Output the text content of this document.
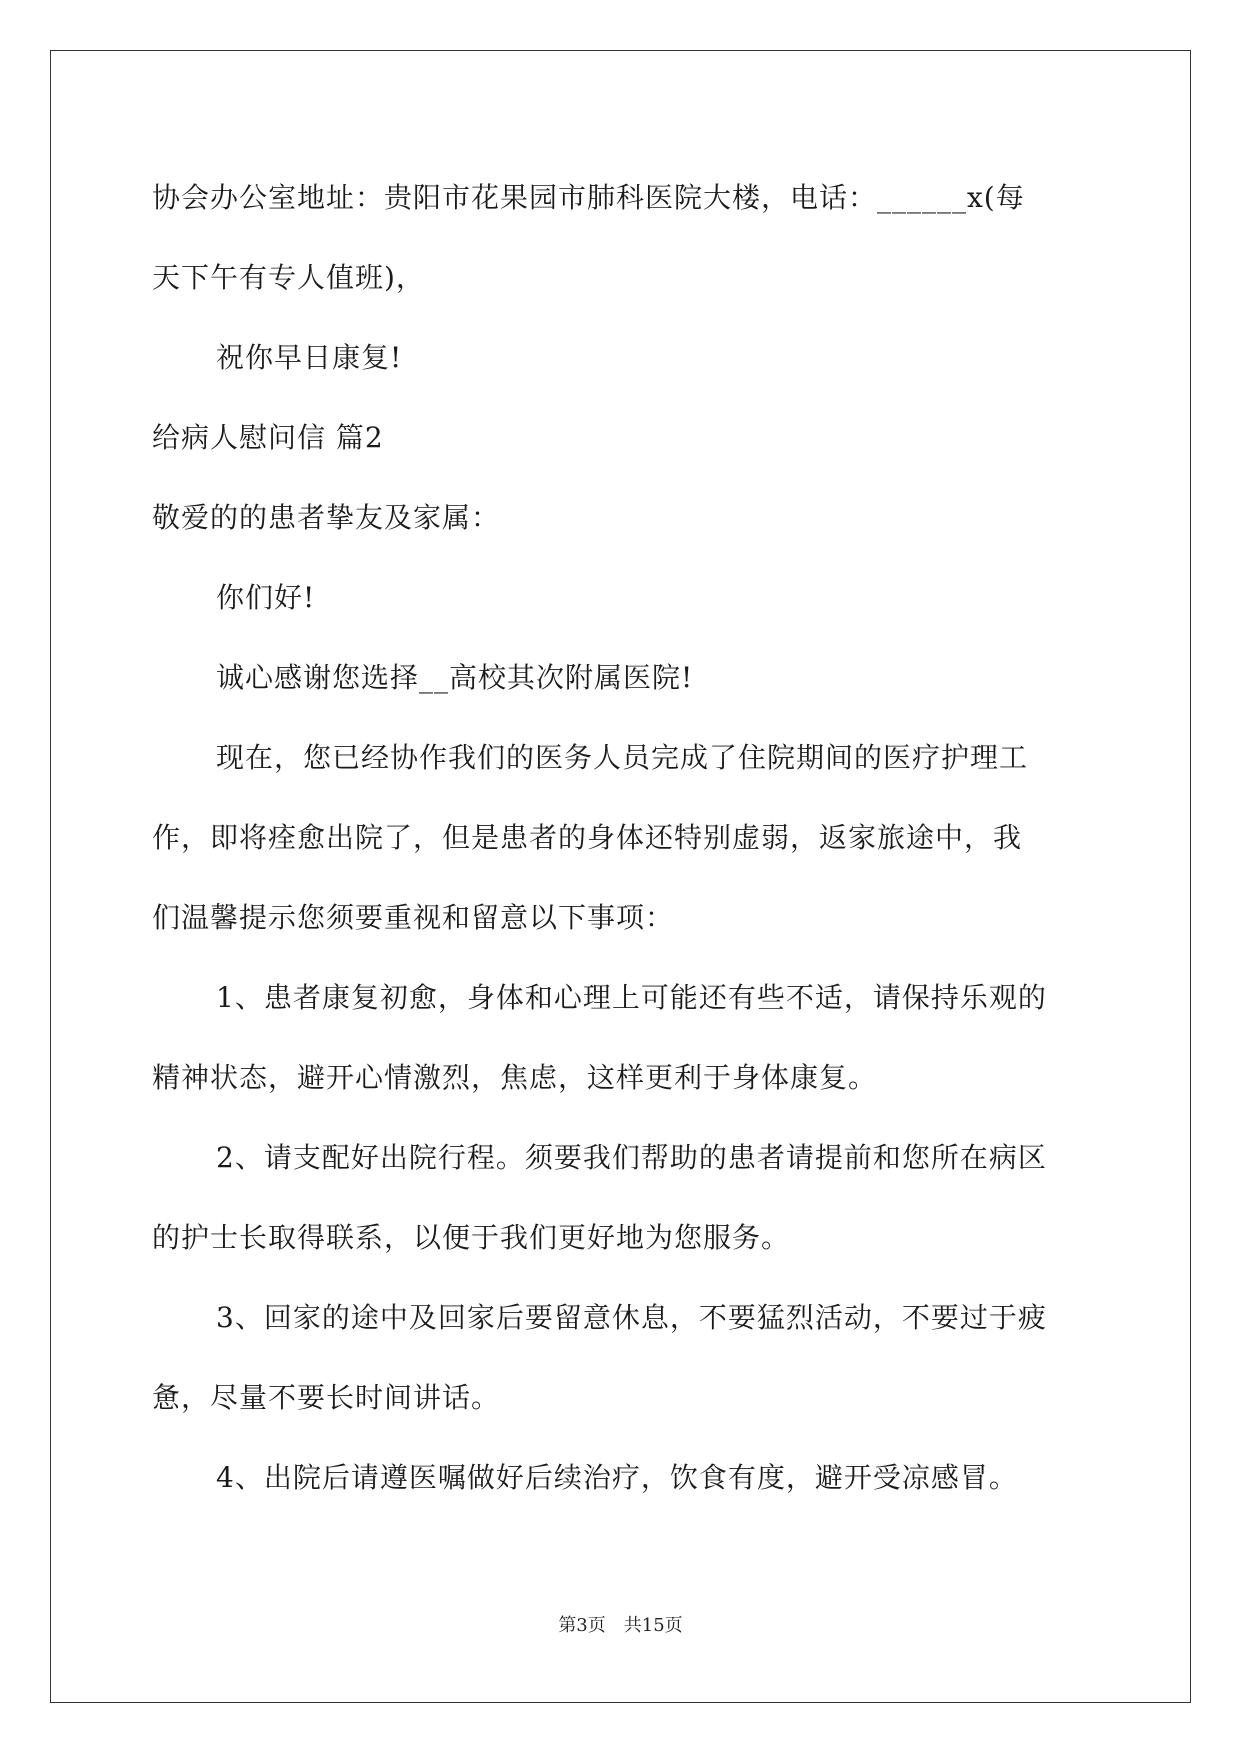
协会办公室地址：贵阳市花果园市肺科医院大楼，电话：______x(每
天下午有专人值班)，
祝你早日康复!
给病人慰问信 篇2
敬爱的的患者挚友及家属：
你们好!
诚心感谢您选择__高校其次附属医院!
现在，您已经协作我们的医务人员完成了住院期间的医疗护理工
作，即将痊愈出院了，但是患者的身体还特别虚弱，返家旅途中，我
们温馨提示您须要重视和留意以下事项：
1、患者康复初愈，身体和心理上可能还有些不适，请保持乐观的
精神状态，避开心情激烈，焦虑，这样更利于身体康复。
2、请支配好出院行程。须要我们帮助的患者请提前和您所在病区
的护士长取得联系，以便于我们更好地为您服务。
3、回家的途中及回家后要留意休息，不要猛烈活动，不要过于疲
惫，尽量不要长时间讲话。
4、出院后请遵医嘱做好后续治疗，饮食有度，避开受凉感冒。
第3页　共15页
